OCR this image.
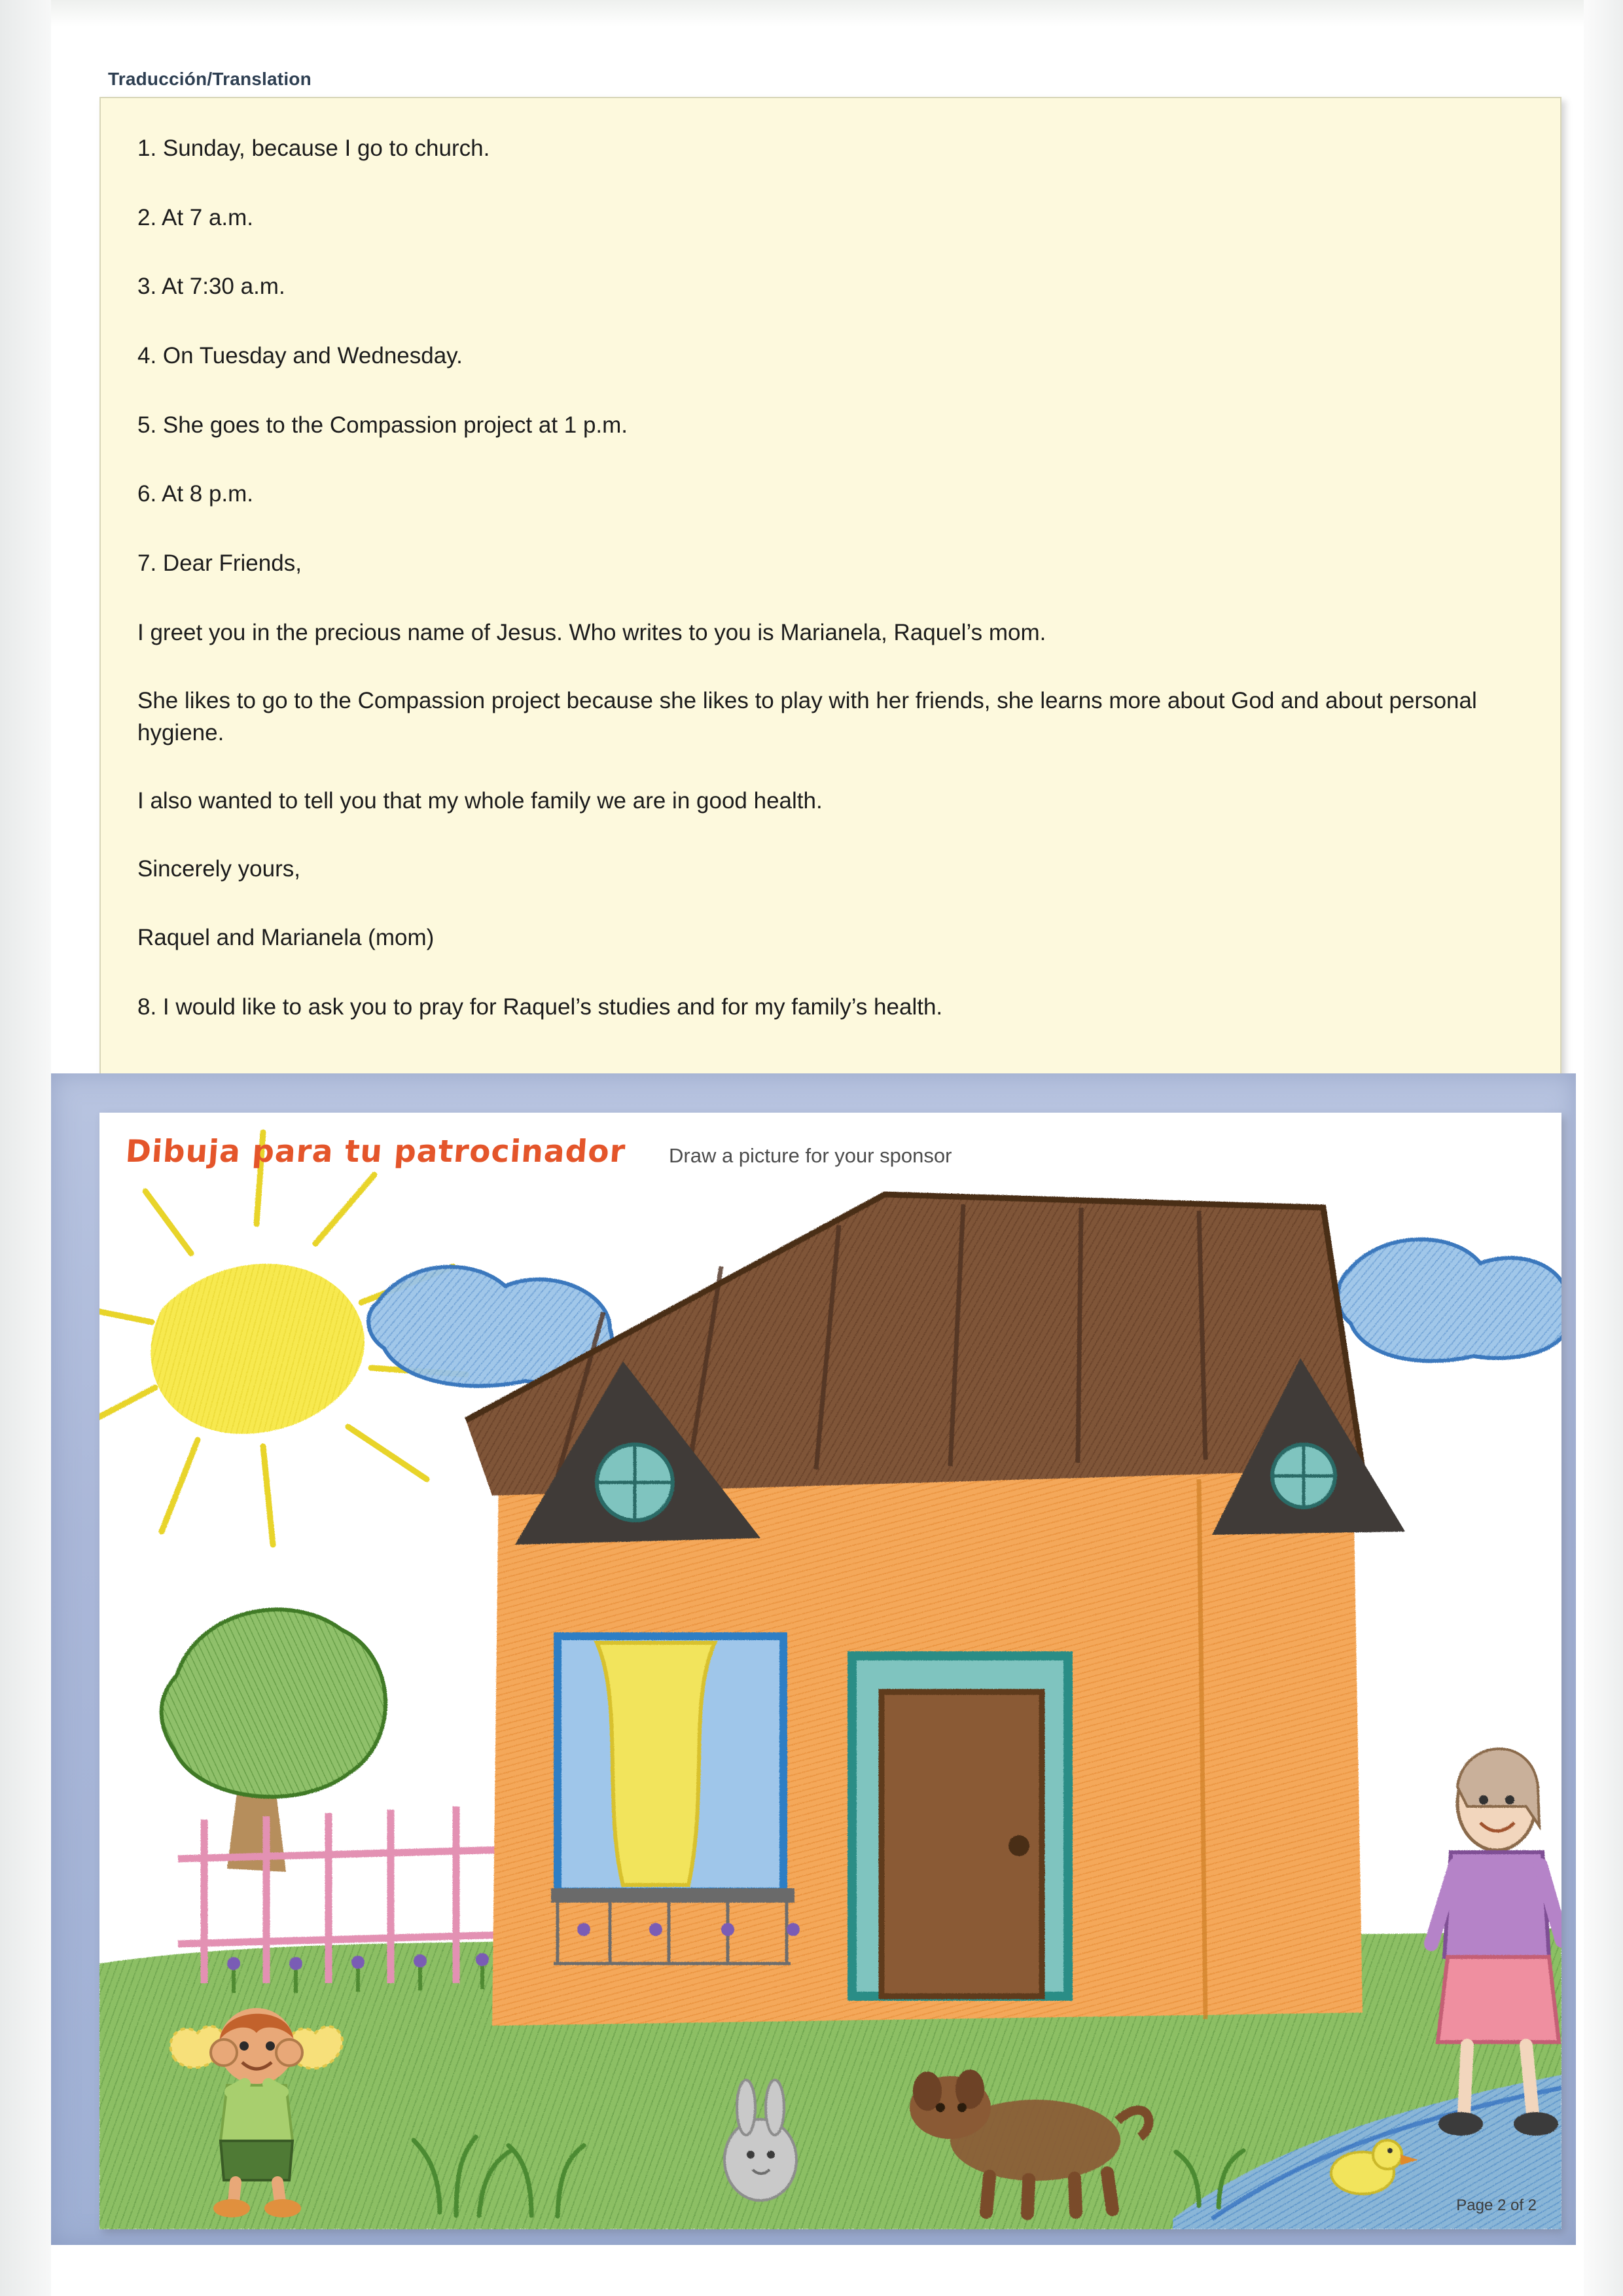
Traducción/Translation

1. Sunday, because I go to church.

2. At 7 a.m.

3. At 7:30 a.m.

4. On Tuesday and Wednesday.

5. She goes to the Compassion project at 1 p.m.

6. At 8 p.m.

7. Dear Friends,

I greet you in the precious name of Jesus. Who writes to you is Marianela, Raquel’s mom.

She likes to go to the Compassion project because she likes to play with her friends, she learns more about God and about personal hygiene.

I also wanted to tell you that my whole family we are in good health.

Sincerely yours,

Raquel and Marianela (mom)

8. I would like to ask you to pray for Raquel’s studies and for my family’s health.

Dibuja para tu patrocinador Draw a picture for your sponsor
Page 2 of 2
